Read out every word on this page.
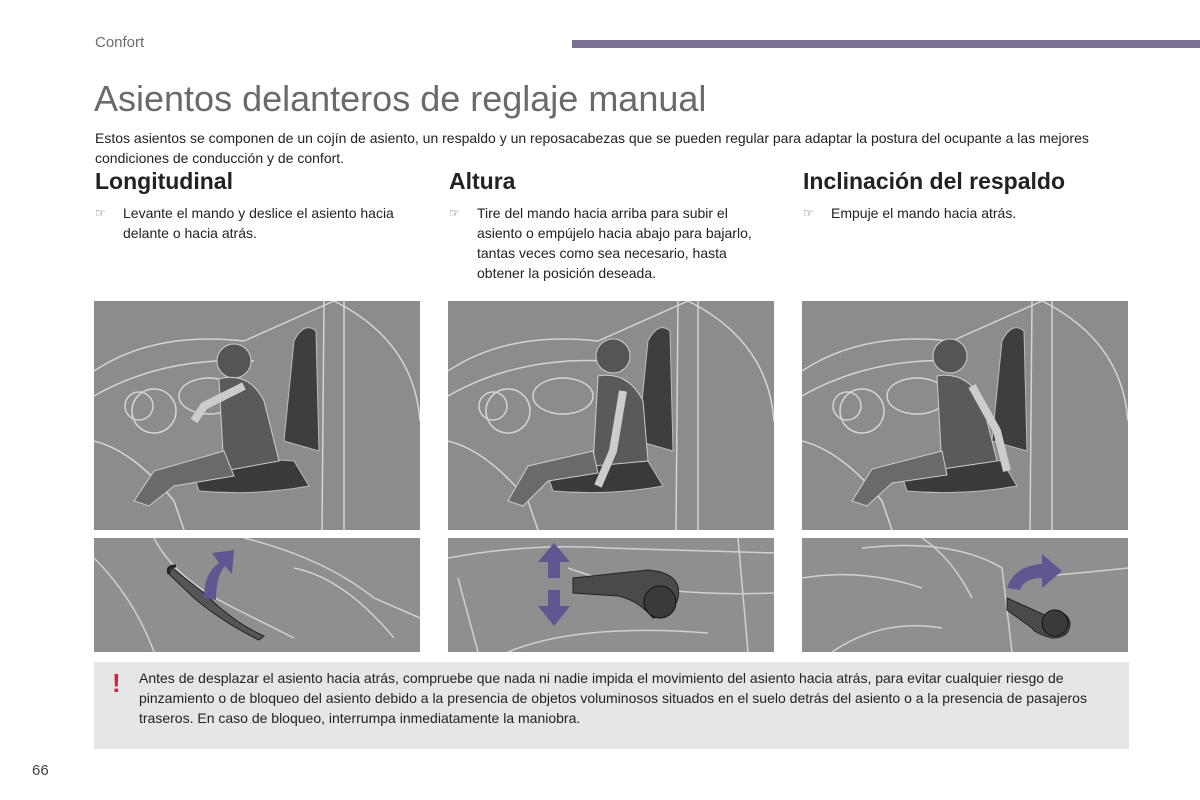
Confort
Asientos delanteros de reglaje manual

Estos asientos se componen de un cojín de asiento, un respaldo y un reposacabezas que se pueden regular para adaptar la postura del ocupante a las mejores condiciones de conducción y de confort.

Longitudinal
☞ Levante el mando y deslice el asiento hacia delante o hacia atrás.
Altura
☞ Tire del mando hacia arriba para subir el asiento o empújelo hacia abajo para bajarlo, tantas veces como sea necesario, hasta obtener la posición deseada.
Inclinación del respaldo
☞ Empuje el mando hacia atrás.
! Antes de desplazar el asiento hacia atrás, compruebe que nada ni nadie impida el movimiento del asiento hacia atrás, para evitar cualquier riesgo de pinzamiento o de bloqueo del asiento debido a la presencia de objetos voluminosos situados en el suelo detrás del asiento o a la presencia de pasajeros traseros. En caso de bloqueo, interrumpa inmediatamente la maniobra.

66
